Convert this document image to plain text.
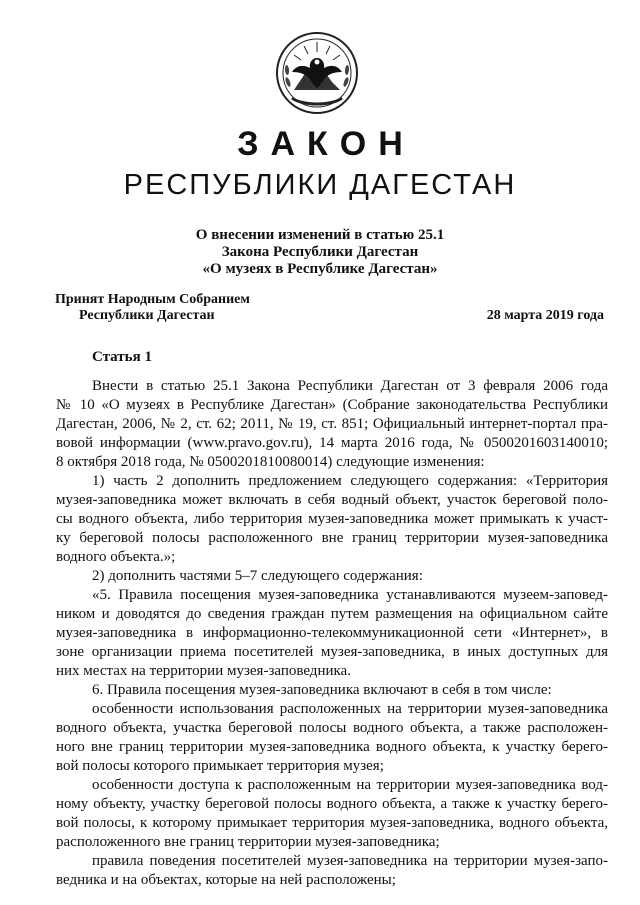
ЗАКОН
РЕСПУБЛИКИ ДАГЕСТАН
О внесении изменений в статью 25.1
Закона Республики Дагестан
«О музеях в Республике Дагестан»
Принят Народным Собранием
Республики Дагестан	28 марта 2019 года
Статья 1
Внести в статью 25.1 Закона Республики Дагестан от 3 февраля 2006 года
№ 10 «О музеях в Республике Дагестан» (Собрание законодательства Республики
Дагестан, 2006, № 2, ст. 62; 2011, № 19, ст. 851; Официальный интернет-портал пра-
вовой информации (www.pravo.gov.ru), 14 марта 2016 года, № 0500201603140010;
8 октября 2018 года, № 0500201810080014) следующие изменения:
1) часть 2 дополнить предложением следующего содержания: «Территория
музея-заповедника может включать в себя водный объект, участок береговой поло-
сы водного объекта, либо территория музея-заповедника может примыкать к участ-
ку береговой полосы расположенного вне границ территории музея-заповедника
водного объекта.»;
2) дополнить частями 5–7 следующего содержания:
«5. Правила посещения музея-заповедника устанавливаются музеем-заповед-
ником и доводятся до сведения граждан путем размещения на официальном сайте
музея-заповедника в информационно-телекоммуникационной сети «Интернет», в
зоне организации приема посетителей музея-заповедника, в иных доступных для
них местах на территории музея-заповедника.
6. Правила посещения музея-заповедника включают в себя в том числе:
особенности использования расположенных на территории музея-заповедника
водного объекта, участка береговой полосы водного объекта, а также расположен-
ного вне границ территории музея-заповедника водного объекта, к участку берего-
вой полосы которого примыкает территория музея;
особенности доступа к расположенным на территории музея-заповедника вод-
ному объекту, участку береговой полосы водного объекта, а также к участку берего-
вой полосы, к которому примыкает территория музея-заповедника, водного объекта,
расположенного вне границ территории музея-заповедника;
правила поведения посетителей музея-заповедника на территории музея-запо-
ведника и на объектах, которые на ней расположены;
